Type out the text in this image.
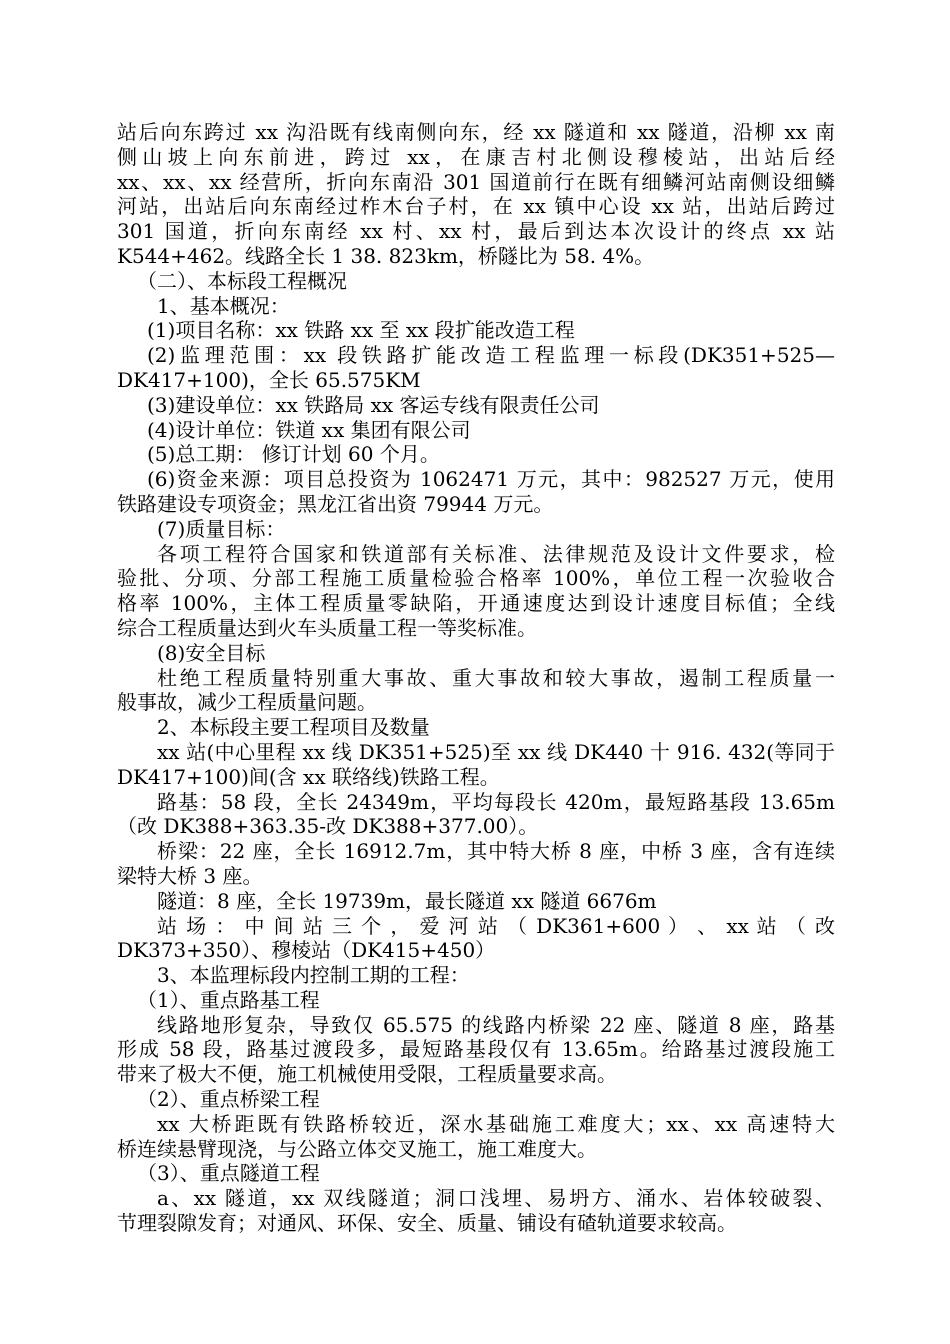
站后向东跨过 xx 沟沿既有线南侧向东，经 xx 隧道和 xx 隧道，沿柳 xx 南
侧山坡上向东前进，跨过 xx，在康吉村北侧设穆棱站，出站后经
xx、xx、xx 经营所，折向东南沿 301 国道前行在既有细鳞河站南侧设细鳞
河站，出站后向东南经过柞木台子村，在 xx 镇中心设 xx 站，出站后跨过
301 国道，折向东南经 xx 村、xx 村，最后到达本次设计的终点 xx 站
K544+462。线路全长 1 38. 823km，桥隧比为 58. 4%。
（二）、本标段工程概况
1、基本概况：
(1)项目名称：xx 铁路 xx 至 xx 段扩能改造工程
(2)监理范围：xx 段铁路扩能改造工程监理一标段(DK351+525—
DK417+100)，全长 65.575KM
(3)建设单位：xx 铁路局 xx 客运专线有限责任公司
(4)设计单位：铁道 xx 集团有限公司
(5)总工期： 修订计划 60 个月。
(6)资金来源：项目总投资为 1062471 万元，其中：982527 万元，使用
铁路建设专项资金；黑龙江省出资 79944 万元。
(7)质量目标：
各项工程符合国家和铁道部有关标准、法律规范及设计文件要求，检
验批、分项、分部工程施工质量检验合格率 100%，单位工程一次验收合
格率 100%，主体工程质量零缺陷，开通速度达到设计速度目标值；全线
综合工程质量达到火车头质量工程一等奖标准。
(8)安全目标
杜绝工程质量特别重大事故、重大事故和较大事故，遏制工程质量一
般事故，减少工程质量问题。
2、本标段主要工程项目及数量
xx 站(中心里程 xx 线 DK351+525)至 xx 线 DK440 十 916. 432(等同于
DK417+100)间(含 xx 联络线)铁路工程。
路基：58 段，全长 24349m，平均每段长 420m，最短路基段 13.65m
（改 DK388+363.35-改 DK388+377.00）。
桥梁：22 座，全长 16912.7m，其中特大桥 8 座，中桥 3 座，含有连续
梁特大桥 3 座。
隧道：8 座，全长 19739m，最长隧道 xx 隧道 6676m
站 场 ： 中 间 站 三 个 ， 爱 河 站 （ DK361+600 ） 、 xx 站 （ 改
DK373+350）、穆棱站（DK415+450）
3、本监理标段内控制工期的工程：
（1）、重点路基工程
线路地形复杂，导致仅 65.575 的线路内桥梁 22 座、隧道 8 座，路基
形成 58 段，路基过渡段多，最短路基段仅有 13.65m。给路基过渡段施工
带来了极大不便，施工机械使用受限，工程质量要求高。
（2）、重点桥梁工程
xx 大桥距既有铁路桥较近，深水基础施工难度大；xx、xx 高速特大
桥连续悬臂现浇，与公路立体交叉施工，施工难度大。
（3）、重点隧道工程
a、xx 隧道，xx 双线隧道；洞口浅埋、易坍方、涌水、岩体较破裂、
节理裂隙发育；对通风、环保、安全、质量、铺设有碴轨道要求较高。
